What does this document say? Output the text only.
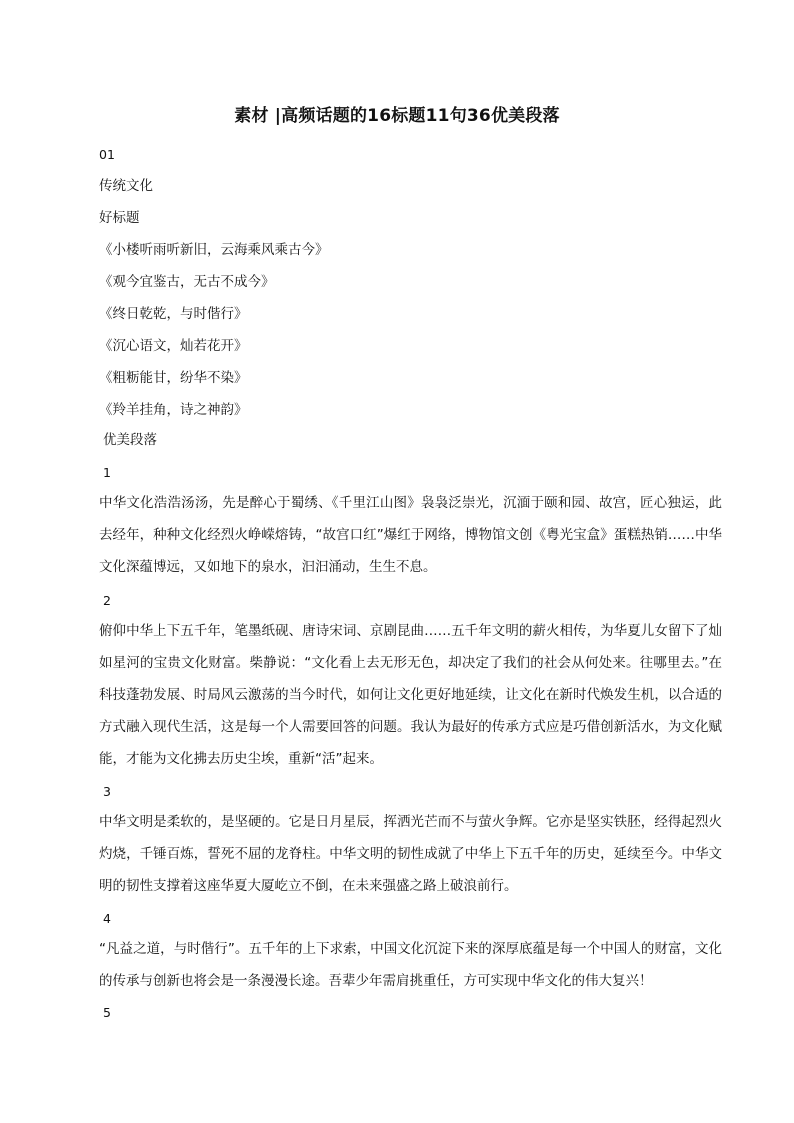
素材 |高频话题的16标题11句36优美段落
01
传统文化
好标题
《小楼听雨听新旧，云海乘风乘古今》
《观今宜鉴古，无古不成今》
《终日乾乾，与时偕行》
《沉心语文，灿若花开》
《粗粝能甘，纷华不染》
《羚羊挂角，诗之神韵》
优美段落
1
中华文化浩浩汤汤，先是醉心于蜀绣、《千里江山图》袅袅泛崇光，沉湎于颐和园、故宫，匠心独运，此去经年，种种文化经烈火峥嵘熔铸，“故宫口红”爆红于网络，博物馆文创《粤光宝盒》蛋糕热销……中华文化深蕴博远，又如地下的泉水，汩汩涌动，生生不息。
2
俯仰中华上下五千年，笔墨纸砚、唐诗宋词、京剧昆曲……五千年文明的薪火相传，为华夏儿女留下了灿如星河的宝贵文化财富。柴静说：“文化看上去无形无色，却决定了我们的社会从何处来。往哪里去。”在科技蓬勃发展、时局风云激荡的当今时代，如何让文化更好地延续，让文化在新时代焕发生机，以合适的方式融入现代生活，这是每一个人需要回答的问题。我认为最好的传承方式应是巧借创新活水，为文化赋能，才能为文化拂去历史尘埃，重新“活”起来。
3
中华文明是柔软的，是坚硬的。它是日月星辰，挥洒光芒而不与萤火争辉。它亦是坚实铁胚，经得起烈火灼烧，千锤百炼，誓死不屈的龙脊柱。中华文明的韧性成就了中华上下五千年的历史，延续至今。中华文明的韧性支撑着这座华夏大厦屹立不倒，在未来强盛之路上破浪前行。
4
“凡益之道，与时偕行”。五千年的上下求索，中国文化沉淀下来的深厚底蕴是每一个中国人的财富，文化的传承与创新也将会是一条漫漫长途。吾辈少年需肩挑重任，方可实现中华文化的伟大复兴！
5
